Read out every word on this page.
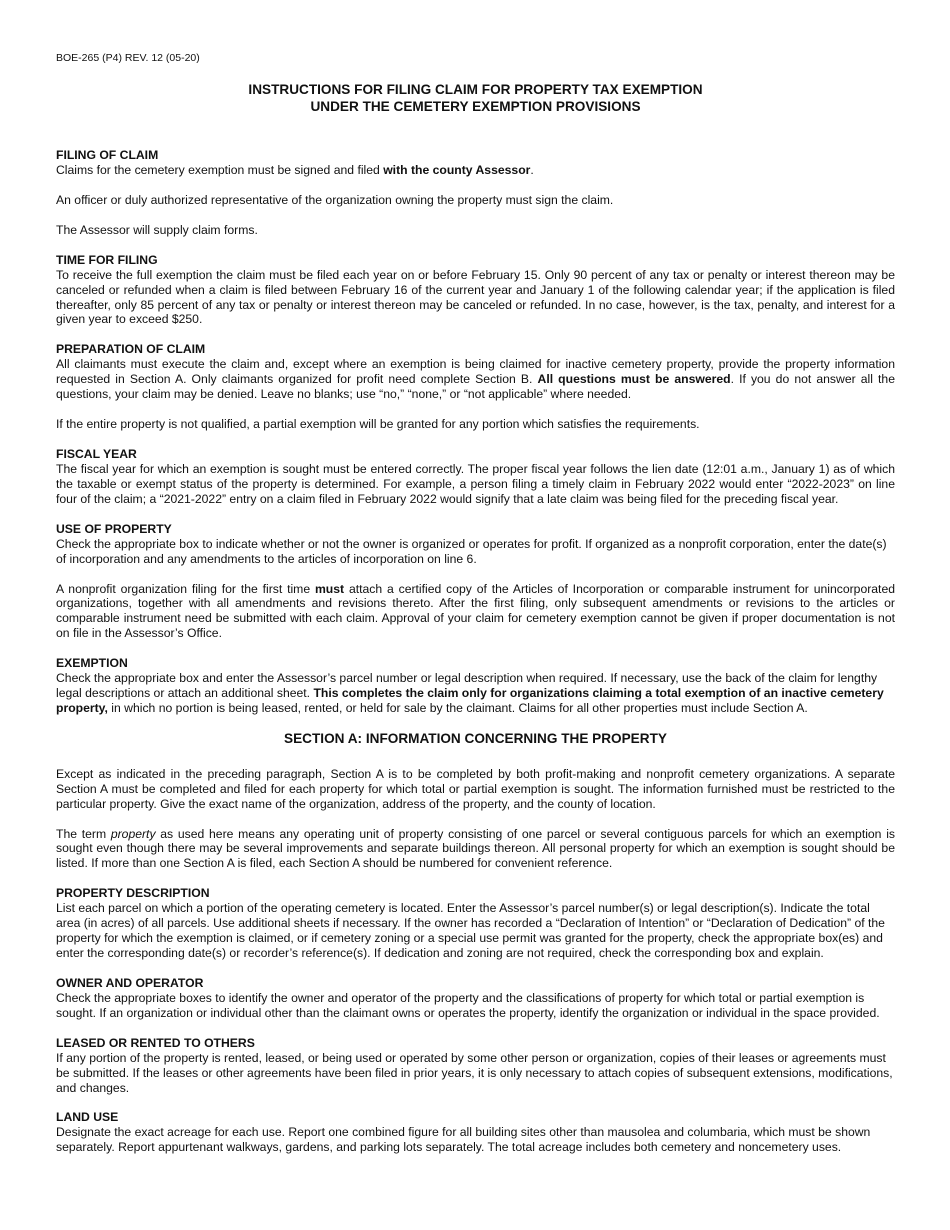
BOE-265 (P4) REV. 12 (05-20)
INSTRUCTIONS FOR FILING CLAIM FOR PROPERTY TAX EXEMPTION
UNDER THE CEMETERY EXEMPTION PROVISIONS
FILING OF CLAIM

Claims for the cemetery exemption must be signed and filed with the county Assessor.

An officer or duly authorized representative of the organization owning the property must sign the claim.

The Assessor will supply claim forms.

TIME FOR FILING

To receive the full exemption the claim must be filed each year on or before February 15. Only 90 percent of any tax or penalty or interest thereon may be canceled or refunded when a claim is filed between February 16 of the current year and January 1 of the following calendar year; if the application is filed thereafter, only 85 percent of any tax or penalty or interest thereon may be canceled or refunded. In no case, however, is the tax, penalty, and interest for a given year to exceed $250.

PREPARATION OF CLAIM

All claimants must execute the claim and, except where an exemption is being claimed for inactive cemetery property, provide the property information requested in Section A. Only claimants organized for profit need complete Section B. All questions must be answered. If you do not answer all the questions, your claim may be denied. Leave no blanks; use “no,” “none,” or “not applicable” where needed.

If the entire property is not qualified, a partial exemption will be granted for any portion which satisfies the requirements.

FISCAL YEAR

The fiscal year for which an exemption is sought must be entered correctly. The proper fiscal year follows the lien date (12:01 a.m., January 1) as of which the taxable or exempt status of the property is determined. For example, a person filing a timely claim in February 2022 would enter “2022-2023” on line four of the claim; a “2021-2022” entry on a claim filed in February 2022 would signify that a late claim was being filed for the preceding fiscal year.

USE OF PROPERTY

Check the appropriate box to indicate whether or not the owner is organized or operates for profit. If organized as a nonprofit corporation, enter the date(s) of incorporation and any amendments to the articles of incorporation on line 6.

A nonprofit organization filing for the first time must attach a certified copy of the Articles of Incorporation or comparable instrument for unincorporated organizations, together with all amendments and revisions thereto. After the first filing, only subsequent amendments or revisions to the articles or comparable instrument need be submitted with each claim. Approval of your claim for cemetery exemption cannot be given if proper documentation is not on file in the Assessor’s Office.

EXEMPTION

Check the appropriate box and enter the Assessor’s parcel number or legal description when required. If necessary, use the back of the claim for lengthy legal descriptions or attach an additional sheet. This completes the claim only for organizations claiming a total exemption of an inactive cemetery property, in which no portion is being leased, rented, or held for sale by the claimant. Claims for all other properties must include Section A.

SECTION A: INFORMATION CONCERNING THE PROPERTY

Except as indicated in the preceding paragraph, Section A is to be completed by both profit-making and nonprofit cemetery organizations. A separate Section A must be completed and filed for each property for which total or partial exemption is sought. The information furnished must be restricted to the particular property. Give the exact name of the organization, address of the property, and the county of location.

The term property as used here means any operating unit of property consisting of one parcel or several contiguous parcels for which an exemption is sought even though there may be several improvements and separate buildings thereon. All personal property for which an exemption is sought should be listed. If more than one Section A is filed, each Section A should be numbered for convenient reference.

PROPERTY DESCRIPTION

List each parcel on which a portion of the operating cemetery is located. Enter the Assessor’s parcel number(s) or legal description(s). Indicate the total area (in acres) of all parcels. Use additional sheets if necessary. If the owner has recorded a “Declaration of Intention” or “Declaration of Dedication” of the property for which the exemption is claimed, or if cemetery zoning or a special use permit was granted for the property, check the appropriate box(es) and enter the corresponding date(s) or recorder’s reference(s). If dedication and zoning are not required, check the corresponding box and explain.

OWNER AND OPERATOR

Check the appropriate boxes to identify the owner and operator of the property and the classifications of property for which total or partial exemption is sought. If an organization or individual other than the claimant owns or operates the property, identify the organization or individual in the space provided.

LEASED OR RENTED TO OTHERS

If any portion of the property is rented, leased, or being used or operated by some other person or organization, copies of their leases or agreements must be submitted. If the leases or other agreements have been filed in prior years, it is only necessary to attach copies of subsequent extensions, modifications, and changes.

LAND USE

Designate the exact acreage for each use. Report one combined figure for all building sites other than mausolea and columbaria, which must be shown separately. Report appurtenant walkways, gardens, and parking lots separately. The total acreage includes both cemetery and noncemetery uses.
